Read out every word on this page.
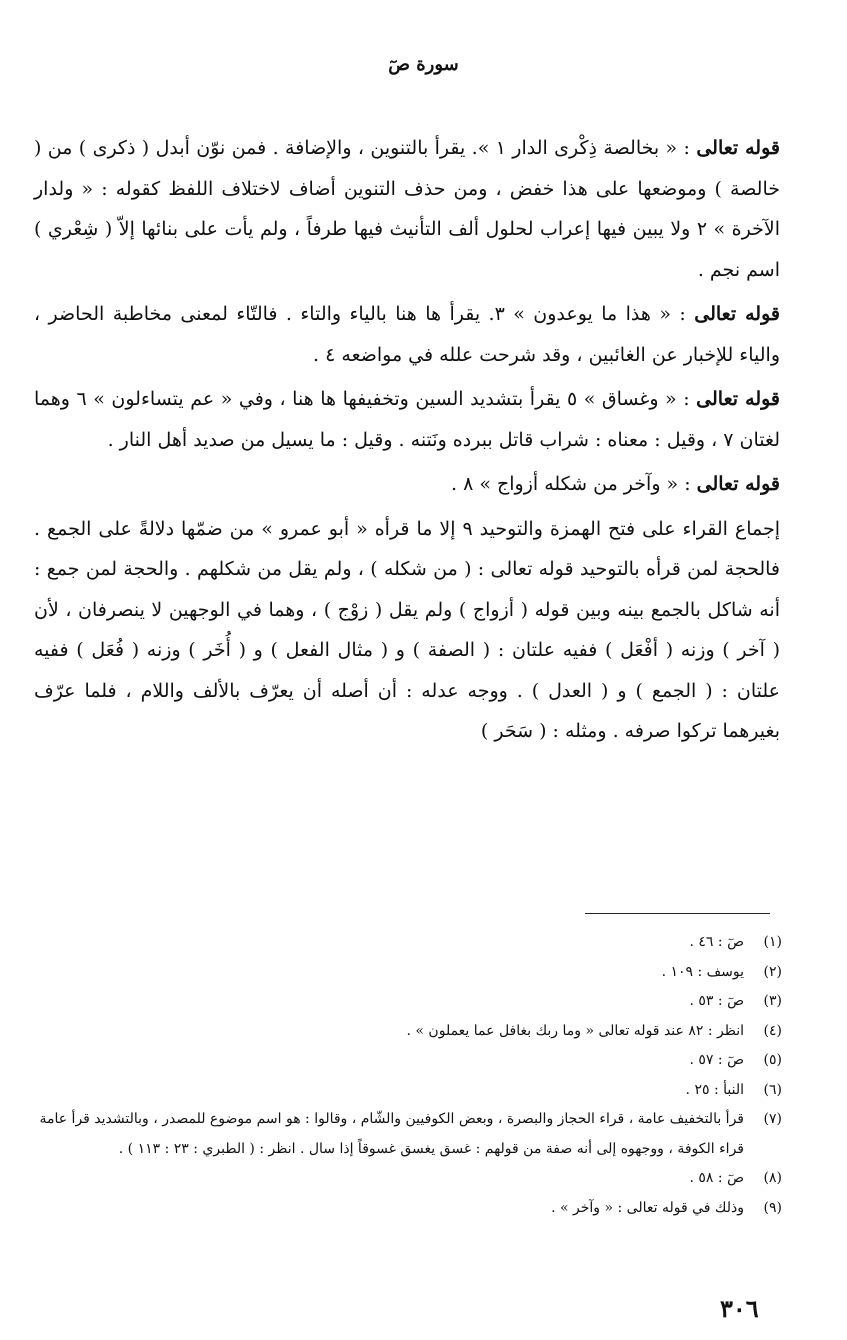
سورة صٓ

قوله تعالى : « بخالصة ذِكْرى الدار ١ ». يقرأ بالتنوين ، والإضافة . فمن نوّن أبدل ( ذكرى ) من ( خالصة ) وموضعها على هذا خفض ، ومن حذف التنوين أضاف لاختلاف اللفظ كقوله : « ولدار الآخرة » ٢ ولا يبين فيها إعراب لحلول ألف التأنيث فيها طرفاً ، ولم يأت على بنائها إلاّ ( شِعْري ) اسم نجم .

قوله تعالى : « هذا ما يوعدون » ٣. يقرأ ها هنا بالياء والتاء . فالتّاء لمعنى مخاطبة الحاضر ، والياء للإخبار عن الغائبين ، وقد شرحت علله في مواضعه ٤ .

قوله تعالى : « وغساق » ٥ يقرأ بتشديد السين وتخفيفها ها هنا ، وفي « عم يتساءلون » ٦ وهما لغتان ٧ ، وقيل : معناه : شراب قاتل ببرده ونَتنه . وقيل : ما يسيل من صديد أهل النار .

قوله تعالى : « وآخر من شكله أزواج » ٨ .

إجماع القراء على فتح الهمزة والتوحيد ٩ إلا ما قرأه « أبو عمرو » من ضمّها دلالةً على الجمع . فالحجة لمن قرأه بالتوحيد قوله تعالى : ( من شكله ) ، ولم يقل من شكلهم . والحجة لمن جمع : أنه شاكل بالجمع بينه وبين قوله ( أزواج ) ولم يقل ( زوْج ) ، وهما في الوجهين لا ينصرفان ، لأن ( آخر ) وزنه ( أفْعَل ) ففيه علتان : ( الصفة ) و ( مثال الفعل ) و ( أُخَر ) وزنه ( فُعَل ) ففيه علتان : ( الجمع ) و ( العدل ) . ووجه عدله : أن أصله أن يعرّف بالألف واللام ، فلما عرّف بغيرهما تركوا صرفه . ومثله : ( سَحَر )

(١)
صٓ : ٤٦ .
(٢)
يوسف : ١٠٩ .
(٣)
صٓ : ٥٣ .
(٤)
انظر : ٨٢ عند قوله تعالى « وما ربك بغافل عما يعملون » .
(٥)
صٓ : ٥٧ .
(٦)
النبأ : ٢٥ .
(٧)
قرأ بالتخفيف عامة ، قراء الحجاز والبصرة ، وبعض الكوفيين والشّام ، وقالوا : هو اسم موضوع للمصدر ، وبالتشديد قرأ عامة قراء الكوفة ، ووجهوه إلى أنه صفة من قولهم : غسق يغسق غسوقاً إذا سال . انظر : ( الطبري : ٢٣ : ١١٣ ) .
(٨)
صٓ : ٥٨ .
(٩)
وذلك في قوله تعالى : « وآخر » .
٣٠٦
